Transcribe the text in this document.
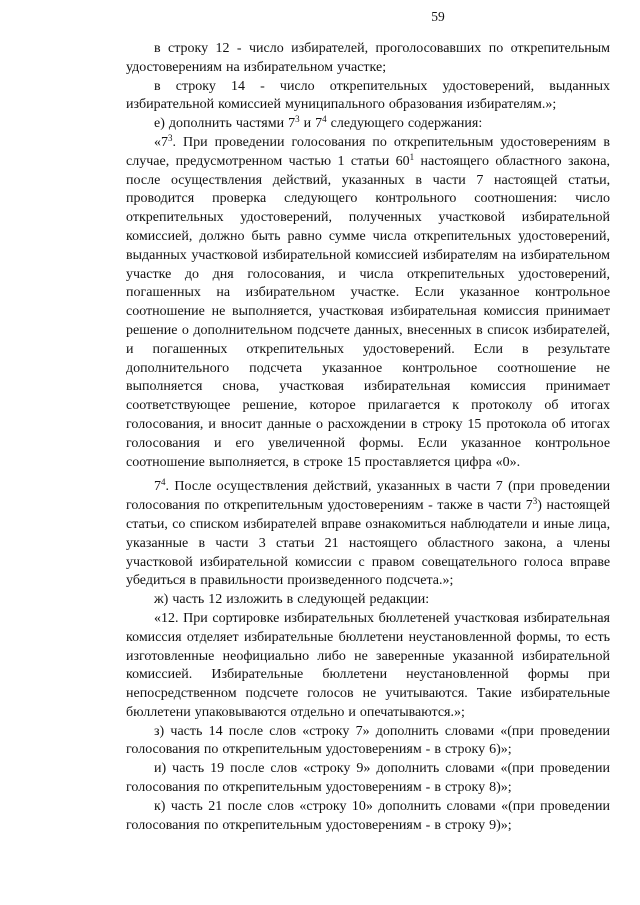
59

в строку 12 - число избирателей, проголосовавших по открепительным удостоверениям на избирательном участке;

в строку 14 - число открепительных удостоверений, выданных избирательной комиссией муниципального образования избирателям.»;

е) дополнить частями $7^3$ и $7^4$ следующего содержания:

«$7^3$. При проведении голосования по открепительным удостоверениям в случае, предусмотренном частью 1 статьи $60^1$ настоящего областного закона, после осуществления действий, указанных в части 7 настоящей статьи, проводится проверка следующего контрольного соотношения: число открепительных удостоверений, полученных участковой избирательной комиссией, должно быть равно сумме числа открепительных удостоверений, выданных участковой избирательной комиссией избирателям на избирательном участке до дня голосования, и числа открепительных удостоверений, погашенных на избирательном участке. Если указанное контрольное соотношение не выполняется, участковая избирательная комиссия принимает решение о дополнительном подсчете данных, внесенных в список избирателей, и погашенных открепительных удостоверений. Если в результате дополнительного подсчета указанное контрольное соотношение не выполняется снова, участковая избирательная комиссия принимает соответствующее решение, которое прилагается к протоколу об итогах голосования, и вносит данные о расхождении в строку 15 протокола об итогах голосования и его увеличенной формы. Если указанное контрольное соотношение выполняется, в строке 15 проставляется цифра «0».

$7^4$. После осуществления действий, указанных в части 7 (при проведении голосования по открепительным удостоверениям - также в части $7^3$) настоящей статьи, со списком избирателей вправе ознакомиться наблюдатели и иные лица, указанные в части 3 статьи 21 настоящего областного закона, а члены участковой избирательной комиссии с правом совещательного голоса вправе убедиться в правильности произведенного подсчета.»;

ж) часть 12 изложить в следующей редакции:

«12. При сортировке избирательных бюллетеней участковая избирательная комиссия отделяет избирательные бюллетени неустановленной формы, то есть изготовленные неофициально либо не заверенные указанной избирательной комиссией. Избирательные бюллетени неустановленной формы при непосредственном подсчете голосов не учитываются. Такие избирательные бюллетени упаковываются отдельно и опечатываются.»;

з) часть 14 после слов «строку 7» дополнить словами «(при проведении голосования по открепительным удостоверениям - в строку 6)»;

и) часть 19 после слов «строку 9» дополнить словами «(при проведении голосования по открепительным удостоверениям - в строку 8)»;

к) часть 21 после слов «строку 10» дополнить словами «(при проведении голосования по открепительным удостоверениям - в строку 9)»;
